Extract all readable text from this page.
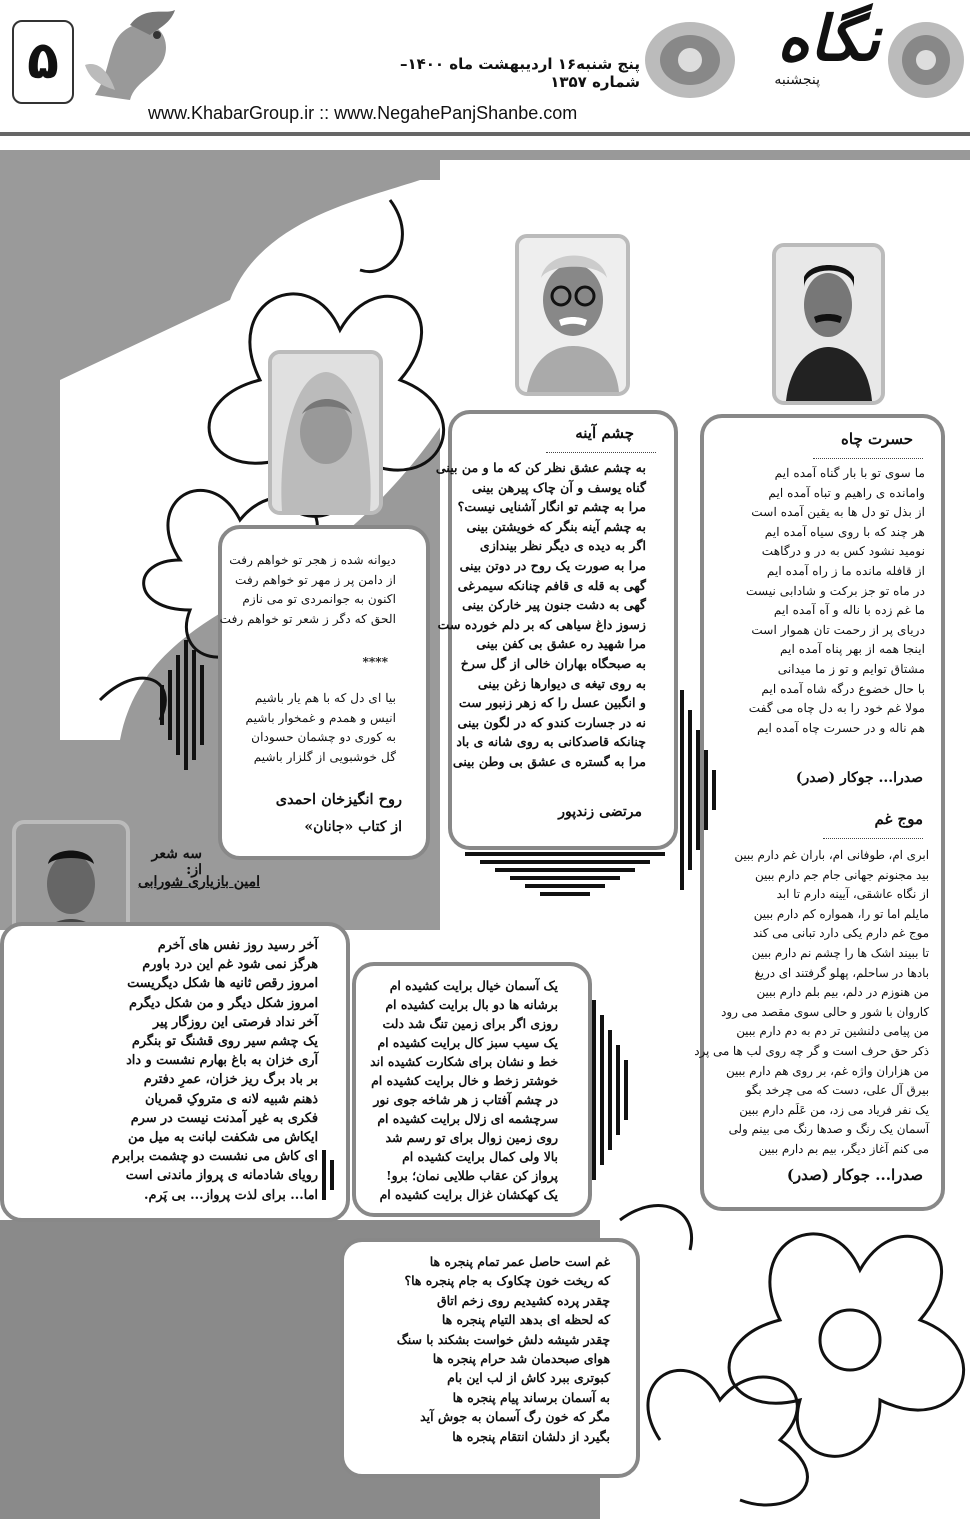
۵	پنج شنبه۱۶ اردیبهشت ماه ۱۴۰۰– شماره ۱۳۵۷
www.KhabarGroup.ir :: www.NegahePanjShanbe.com
نگاه
پنجشنبه
حسرت چاه
ما سوی تو با بار گناه آمده ایم
وامانده ی راهیم و تباه آمده ایم
از بذل تو دل ها به یقین آمده است
هر چند که با روی سیاه آمده ایم
نومید نشود کس به در و درگاهت
از قافله مانده ما ز راه آمده ایم
در ماه تو جز برکت و شادابی نیست
ما غم زده با ناله و آه آمده ایم
دریای پر از رحمت تان هموار است
اینجا همه از بهر پناه آمده ایم
مشتاق توایم و تو ز ما میدانی
با حال خضوع درگه شاه آمده ایم
مولا غم خود را به دل چاه می گفت
هم ناله و در حسرت چاه آمده ایم
صدرا... جوکار (صدر)
موج غم
ابری ام، طوفانی ام، باران غم دارم ببین
بید مجنونم جهانی جام جم دارم ببین
از نگاه عاشقی، آیینه دارم تا ابد
مایلم اما تو را، همواره کم دارم ببین
موج غم دارم یکی دارد تبانی می کند
تا ببیند اشک ها را چشم نم دارم ببین
بادها در ساحلم، پهلو گرفتند ای دریغ
من هنوزم در دلم، بیم بلم دارم ببین
کاروان با شور و حالی سوی مقصد می رود
من پیامی دلنشین تر دم به دم دارم ببین
ذکر حق حرف است و گر چه روی لب ها می پرد
من هزاران واژه غم، بر روی هم دارم ببین
بیرق آل علی، دست که می چرخد بگو
یک نفر فریاد می زد، من عَلَم دارم ببین
آسمان یک رنگ و صدها رنگ می بینم ولی
می کنم آغاز دیگر، بیم بم دارم ببین
صدرا... جوکار (صدر)
چشم آینه
به چشم عشق نظر کن که ما و من بینی
گناه یوسف و آن چاک پیرهن بینی
مرا به چشم تو انگار آشنایی نیست؟
به چشم آینه بنگر که خویشتن بینی
اگر به دیده ی دیگر نظر بیندازی
مرا به صورت یک روح در دوتن بینی
گهی به قله ی قافم چنانکه سیمرغی
گهی به دشت جنون پیر خارکن بینی
زسوز داغ سیاهی که بر دلم خورده ست
مرا شهید ره عشق بی کفن بینی
به صبحگاه بهاران خالی از گل سرخ
به روی تیغه ی دیوارها زغن بینی
و انگبین عسل را که زهر زنبور ست
نه در جسارت کندو که در لگون بینی
چنانکه قاصدکانی به روی شانه ی باد
مرا به گستره ی عشق بی وطن بینی
مرتضی زندپور
دیوانه شده ز هجر تو خواهم رفت
از دامن پر ز مهر تو خواهم رفت
اکنون به جوانمردی تو می نازم
الحق که دگر ز شعر تو خواهم رفت
****
بیا ای دل که با هم یار باشیم
انیس و همدم و غمخوار باشیم
به کوری دو چشمان حسودان
گل خوشبویی از گلزار باشیم
روح انگیزخان احمدی
از کتاب «جانان»
سه شعر از:
امین بازیاری شورابی
آخر رسید روز نفس های آخرم
هرگز نمی شود غم این درد باورم
امروز رقص ثانیه ها شکل دیگریست
امروز شکل دیگر و من شکل دیگرم
آخر نداد فرصتی این روزگار پیر
یک چشم سیر روی قشنگ تو بنگرم
آری خزان به باغ بهارم نشست و داد
بر باد برگ ریز خزان، عمرِ دفترم
ذهنم شبیه لانه ی متروکِ قمریان
فکری به غیر آمدنت نیست در سرم
ایکاش می شکفت لبانت به میل من
ای کاش می نشست دو چشمت برابرم
رویای شادمانه ی پرواز ماندنی است
اما... برای لذت پرواز... بی پَرم.
یک آسمان خیال برایت کشیده ام
برشانه ها دو بال برایت کشیده ام
روزی اگر برای زمین تنگ شد دلت
یک سیب سبز کال برایت کشیده ام
خط و نشان برای شکارت کشیده اند
خوشتر زخط و خال برایت کشیده ام
در چشم آفتاب ز هر شاخه جوی نور
سرچشمه ای زلال برایت کشیده ام
روی زمین زوال برای تو رسم شد
بالا ولی کمال برایت کشیده ام
پرواز کن عقاب طلایی نمان؛ برو!
یک کهکشان غزال برایت کشیده ام
غم است حاصل عمر تمام پنجره ها
که ریخت خون چکاوک به جام پنجره ها؟
چقدر پرده کشیدیم روی زخم اتاق
که لحظه ای بدهد التیام پنجره ها
چقدر شیشه دلش خواست بشکند با سنگ
هوای صبحدمان شد حرام پنجره ها
کبوتری ببرد کاش از لب این بام
به آسمان برساند پیام پنجره ها
مگر که خون رگ آسمان به جوش آید
بگیرد از دلشان انتقام پنجره ها
